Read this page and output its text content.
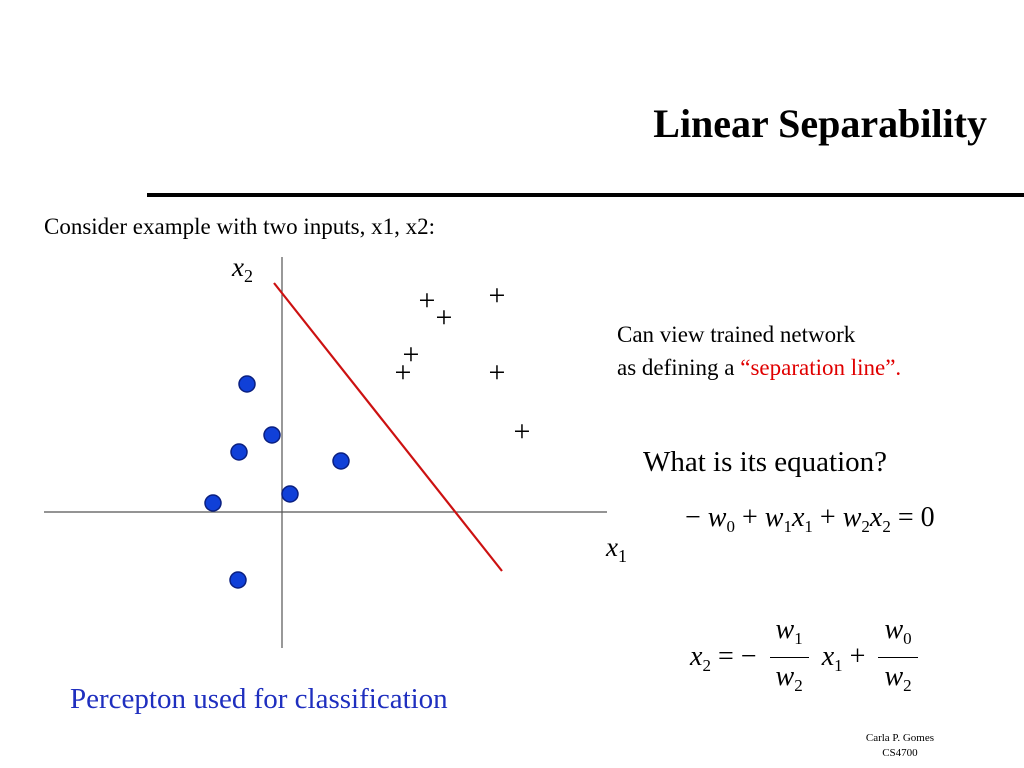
Linear Separability
Consider example with two inputs, x1, x2:
+ +
+
+
+	+
+
$x_2$
$x_1$
Can view trained network
as defining a “separation line”.
What is its equation?
− $w_0 + w_1x_1 + w_2x_2 = 0$
$x_2$ = − $\frac{w_1}{w_2} x_1 + \frac{w_0}{w_2}$
Percepton used for classification
Carla P. Gomes
CS4700
